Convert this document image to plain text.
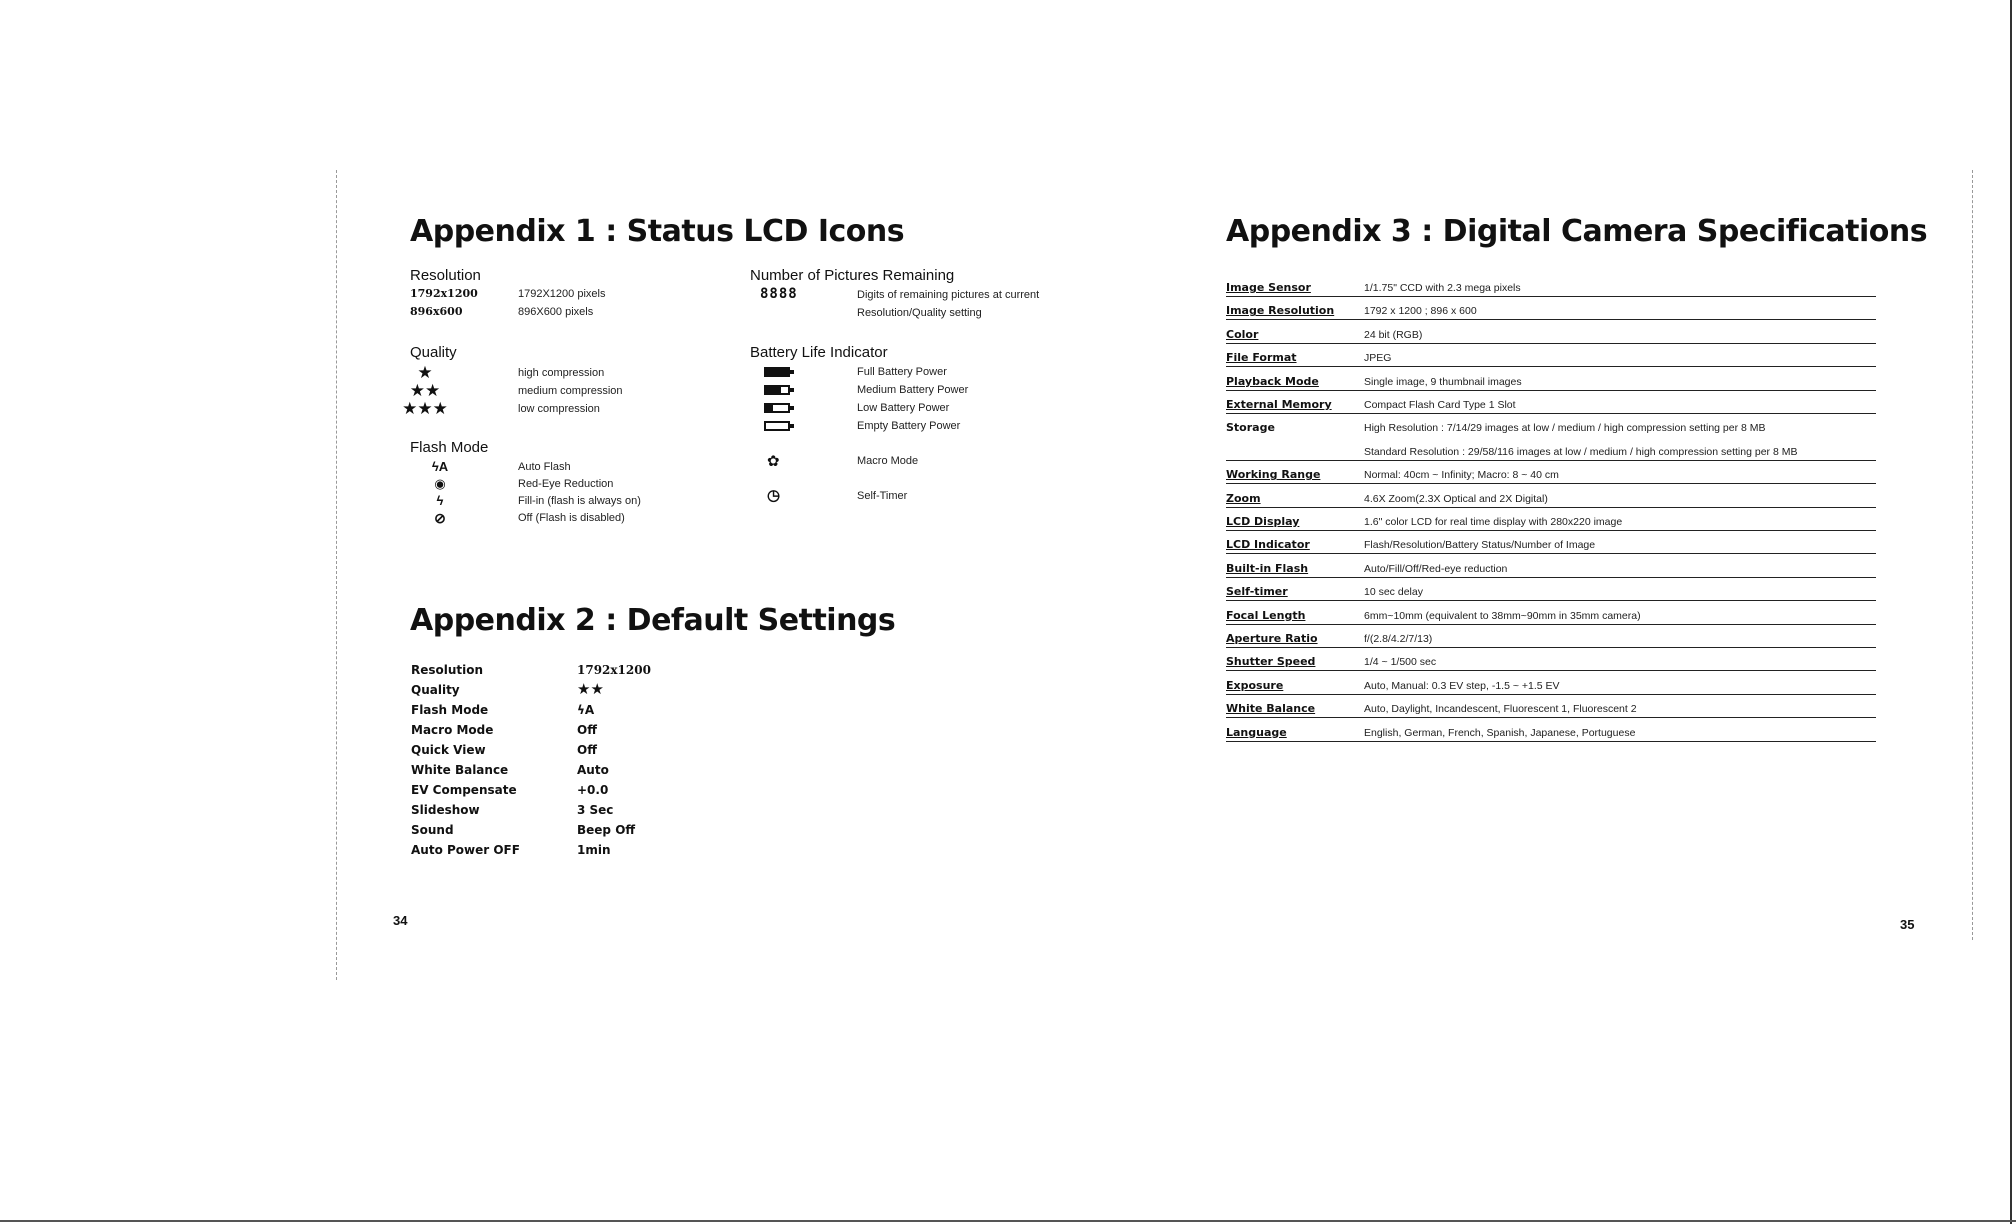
Appendix 1 : Status LCD Icons
Resolution
1792x1200	1792X1200 pixels
896x600	896X600 pixels
Quality
★	high compression
★★	medium compression
★★★	low compression
Flash Mode
ϟA	Auto Flash
◉	Red-Eye Reduction
ϟ	Fill-in (flash is always on)
⊘	Off (Flash is disabled)
Number of Pictures Remaining
8888	Digits of remaining pictures at current
Resolution/Quality setting
Battery Life Indicator
Full Battery Power
Medium Battery Power
Low Battery Power
Empty Battery Power
✿	Macro Mode
◷	Self-Timer
Appendix 2 : Default Settings
Resolution	1792x1200
Quality	★★
Flash Mode	ϟA
Macro Mode	Off
Quick View	Off
White Balance	Auto
EV Compensate	+0.0
Slideshow	3 Sec
Sound	Beep Off
Auto Power OFF	1min
Appendix 3 : Digital Camera Specifications
Image Sensor	1/1.75" CCD with 2.3 mega pixels
Image Resolution	1792 x 1200 ; 896 x 600
Color	24 bit (RGB)
File Format	JPEG
Playback Mode	Single image, 9 thumbnail images
External Memory	Compact Flash Card Type 1 Slot
Storage	High Resolution : 7/14/29 images at low / medium / high compression setting per 8 MB
Standard Resolution : 29/58/116 images at low / medium / high compression setting per 8 MB
Working Range	Normal: 40cm ~ Infinity; Macro: 8 ~ 40 cm
Zoom	4.6X Zoom(2.3X Optical and 2X Digital)
LCD Display	1.6" color LCD for real time display with 280x220 image
LCD Indicator	Flash/Resolution/Battery Status/Number of Image
Built-in Flash	Auto/Fill/Off/Red-eye reduction
Self-timer	10 sec delay
Focal Length	6mm~10mm (equivalent to 38mm~90mm in 35mm camera)
Aperture Ratio	f/(2.8/4.2/7/13)
Shutter Speed	1/4 ~ 1/500 sec
Exposure	Auto, Manual: 0.3 EV step, -1.5 ~ +1.5 EV
White Balance	Auto, Daylight, Incandescent, Fluorescent 1, Fluorescent 2
Language	English, German, French, Spanish, Japanese, Portuguese
34	35
